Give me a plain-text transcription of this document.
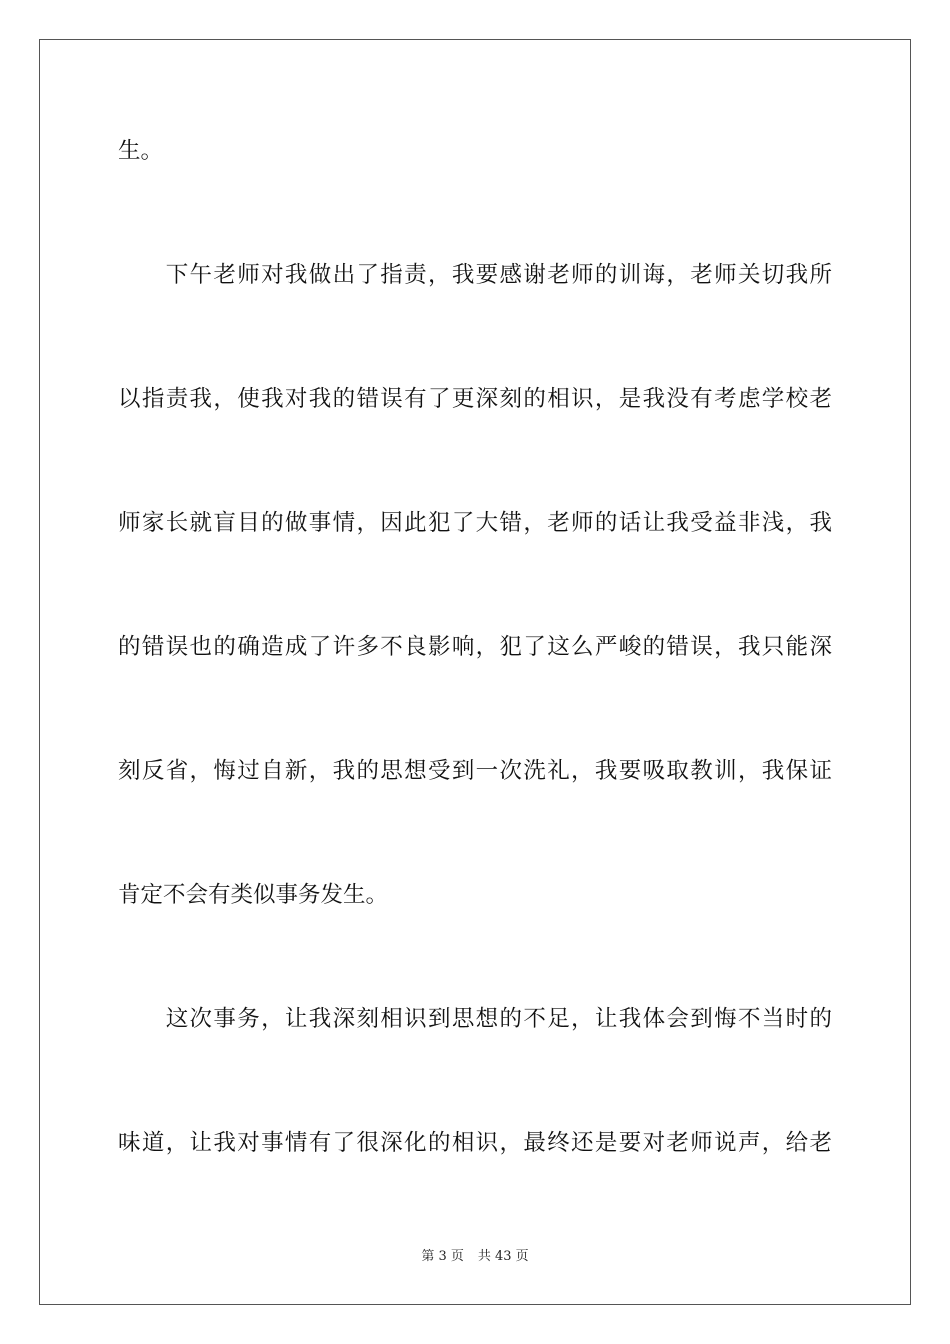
生。
　　下午老师对我做出了指责，我要感谢老师的训诲，老师关切我所
以指责我，使我对我的错误有了更深刻的相识，是我没有考虑学校老
师家长就盲目的做事情，因此犯了大错，老师的话让我受益非浅，我
的错误也的确造成了许多不良影响，犯了这么严峻的错误，我只能深
刻反省，悔过自新，我的思想受到一次洗礼，我要吸取教训，我保证
肯定不会有类似事务发生。
　　这次事务，让我深刻相识到思想的不足，让我体会到悔不当时的
味道，让我对事情有了很深化的相识，最终还是要对老师说声，给老
第 3 页 共 43 页
